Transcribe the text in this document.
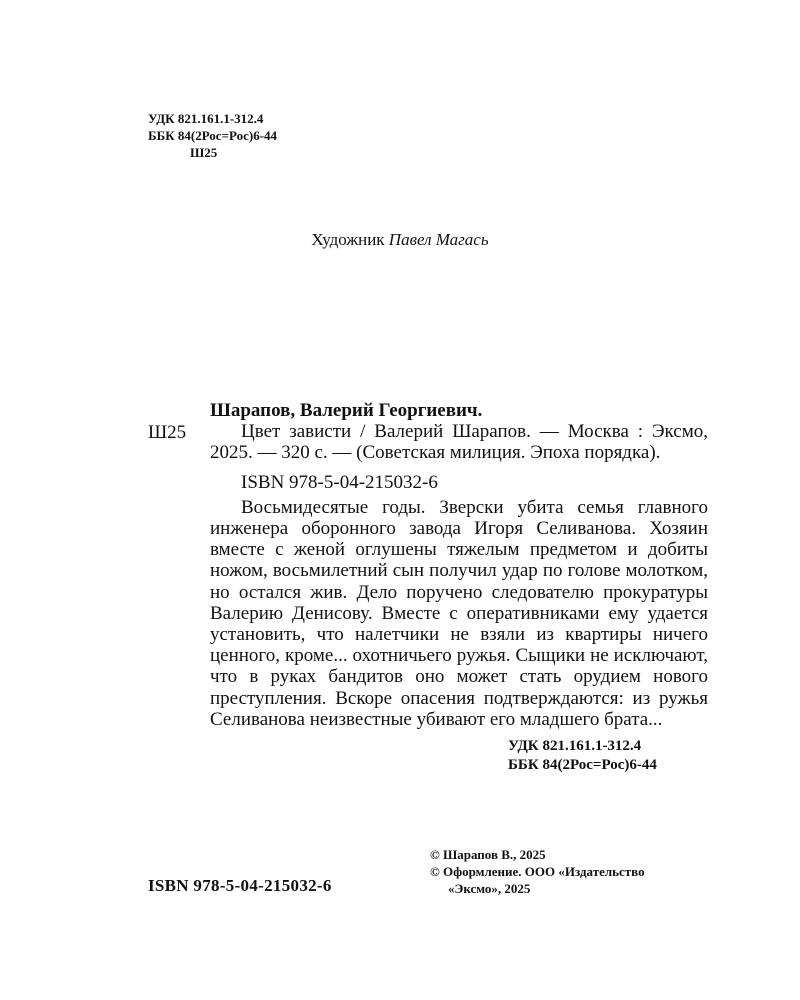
УДК 821.161.1-312.4
ББК 84(2Рос=Рос)6-44
Ш25
Художник Павел Магась
Ш25
Шарапов, Валерий Георгиевич.

Цвет зависти / Валерий Шарапов. — Москва : Эксмо, 2025. — 320 с. — (Советская милиция. Эпоха порядка).

ISBN 978-5-04-215032-6

Восьмидесятые годы. Зверски убита семья главного инженера оборонного завода Игоря Селиванова. Хозяин вместе с женой оглушены тяжелым предметом и добиты ножом, восьмилетний сын получил удар по голове молотком, но остался жив. Дело поручено следователю прокуратуры Валерию Денисову. Вместе с оперативниками ему удается установить, что налетчики не взяли из квартиры ничего ценного, кроме... охотничьего ружья. Сыщики не исключают, что в руках бандитов оно может стать орудием нового преступления. Вскоре опасения подтверждаются: из ружья Селиванова неизвестные убивают его младшего брата...

УДК 821.161.1-312.4
ББК 84(2Рос=Рос)6-44
ISBN 978-5-04-215032-6
© Шарапов В., 2025
© Оформление. ООО «Издательство
«Эксмо», 2025
